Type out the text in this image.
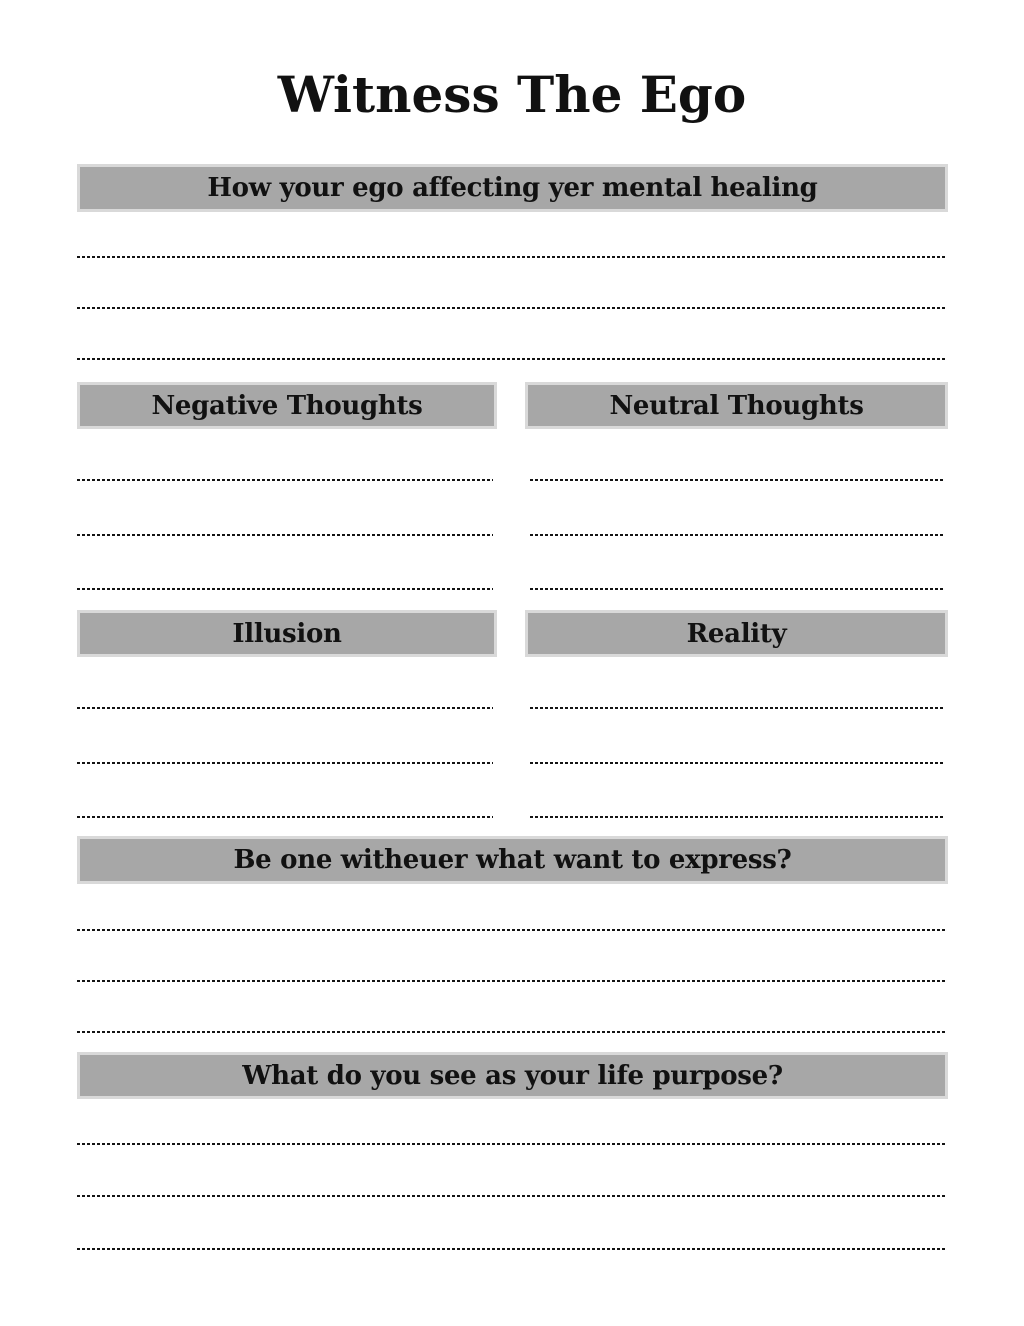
Witness The Ego
How your ego affecting yer mental healing
Negative Thoughts	Neutral Thoughts
Illusion	Reality
Be one witheuer what want to express?
What do you see as your life purpose?
